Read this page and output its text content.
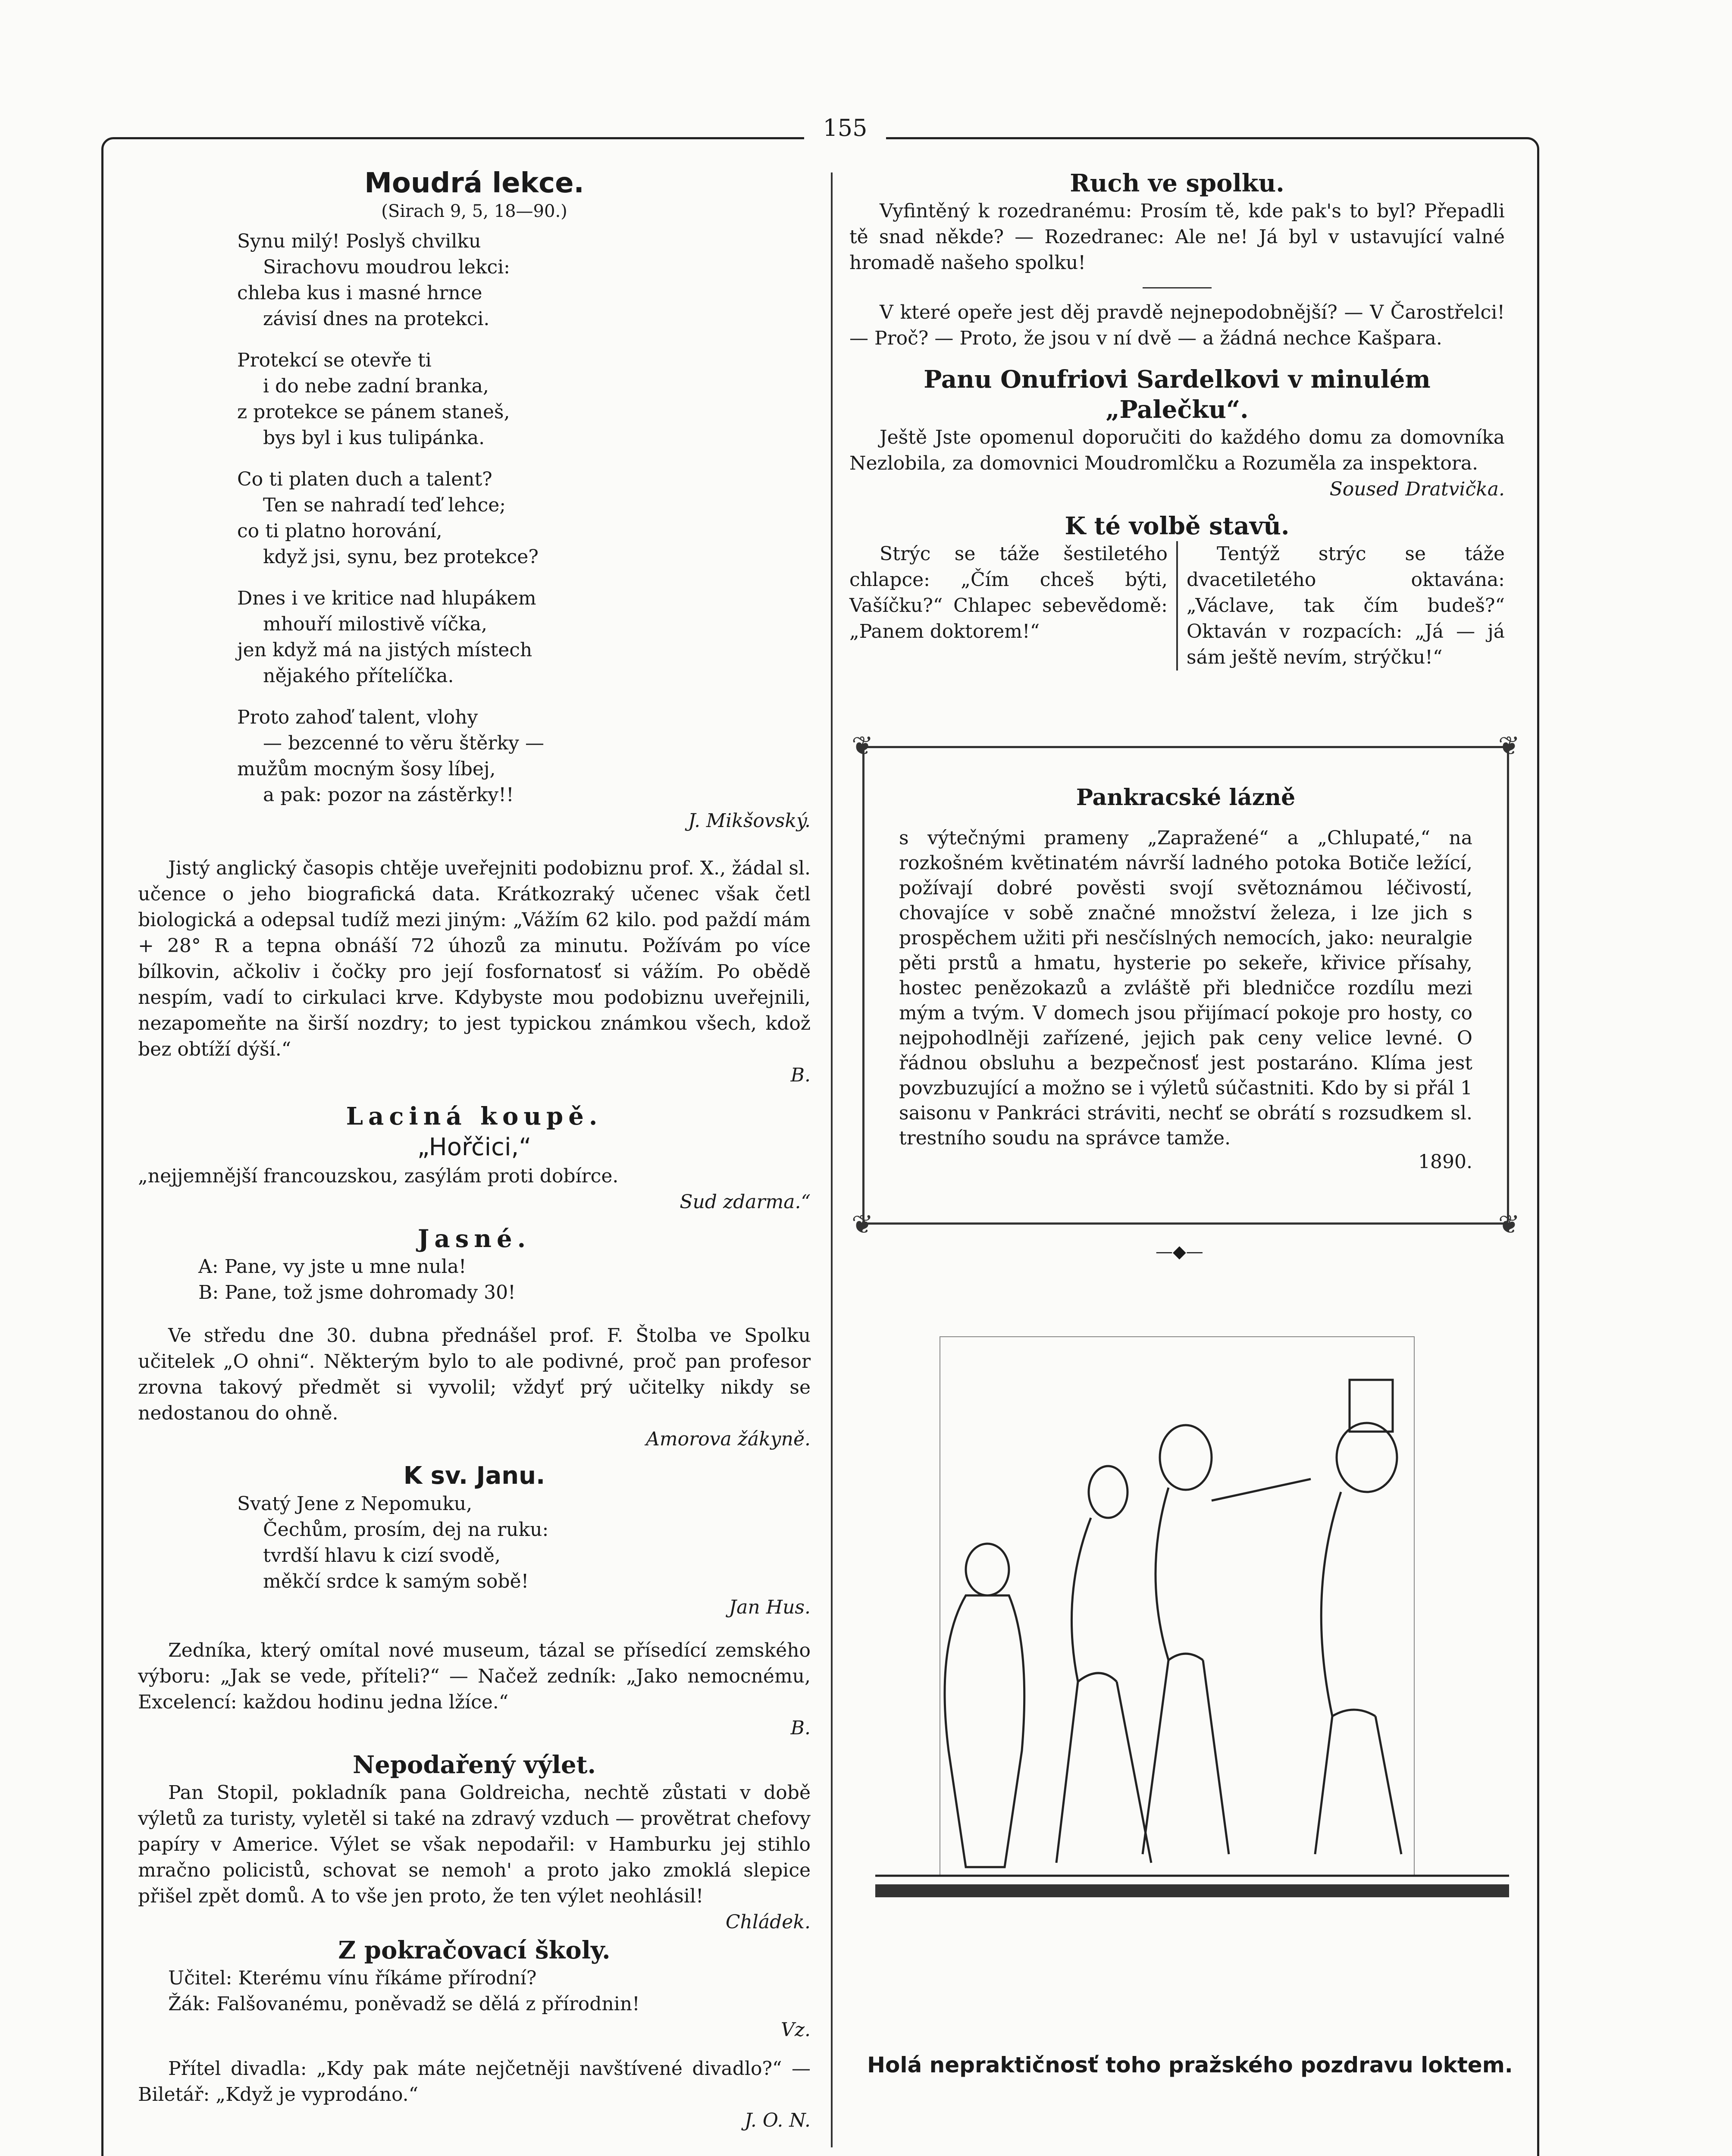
155

Moudrá lekce.

(Sirach 9, 5, 18—90.)

Synu milý! Poslyš chvilku

Sirachovu moudrou lekci:

chleba kus i masné hrnce

závisí dnes na protekci.

Protekcí se otevře ti

i do nebe zadní branka,

z protekce se pánem staneš,

bys byl i kus tulipánka.

Co ti platen duch a talent?

Ten se nahradí teď lehce;

co ti platno horování,

když jsi, synu, bez protekce?

Dnes i ve kritice nad hlupákem

mhouří milostivě víčka,

jen když má na jistých místech

nějakého přítelíčka.

Proto zahoď talent, vlohy

— bezcenné to věru štěrky —

mužům mocným šosy líbej,

a pak: pozor na zástěrky!!

J. Mikšovský.

Jistý anglický časopis chtěje uveřejniti podobiznu prof. X., žádal sl. učence o jeho biografická data. Krátkozraký učenec však četl biologická a odepsal tudíž mezi jiným: „Vážím 62 kilo. pod paždí mám + 28° R a tepna obnáší 72 úhozů za minutu. Požívám po více bílkovin, ačkoliv i čočky pro její fosfornatosť si vážím. Po obědě nespím, vadí to cirkulaci krve. Kdybyste mou podobiznu uveřejnili, nezapomeňte na širší nozdry; to jest typickou známkou všech, kdož bez obtíží dýší.“

B.

Laciná koupě.

„Hořčici,“

„nejjemnější francouzskou, zasýlám proti dobírce.

Sud zdarma.“

Jasné.

A: Pane, vy jste u mne nula!

B: Pane, tož jsme dohromady 30!

Ve středu dne 30. dubna přednášel prof. F. Štolba ve Spolku učitelek „O ohni“. Některým bylo to ale podivné, proč pan profesor zrovna takový předmět si vyvolil; vždyť prý učitelky nikdy se nedostanou do ohně.

Amorova žákyně.

K sv. Janu.

Svatý Jene z Nepomuku,

Čechům, prosím, dej na ruku:

tvrdší hlavu k cizí svodě,

měkčí srdce k samým sobě!

Jan Hus.

Zedníka, který omítal nové museum, tázal se přísedící zemského výboru: „Jak se vede, příteli?“ — Načež zedník: „Jako nemocnému, Excelencí: každou hodinu jedna lžíce.“

B.

Nepodařený výlet.

Pan Stopil, pokladník pana Goldreicha, nechtě zůstati v době výletů za turisty, vyletěl si také na zdravý vzduch — provětrat chefovy papíry v Americe. Výlet se však nepodařil: v Hamburku jej stihlo mračno policistů, schovat se nemoh' a proto jako zmoklá slepice přišel zpět domů. A to vše jen proto, že ten výlet neohlásil!

Chládek.

Z pokračovací školy.

Učitel: Kterému vínu říkáme přírodní?

Žák: Falšovanému, poněvadž se dělá z přírodnin!

Vz.

Přítel divadla: „Kdy pak máte nejčetněji navštívené divadlo?“ — Biletář: „Když je vyprodáno.“

J. O. N.

Ruch ve spolku.

Vyfintěný k rozedranému: Prosím tě, kde pak's to byl? Přepadli tě snad někde? — Rozedranec: Ale ne! Já byl v ustavující valné hromadě našeho spolku!

V které opeře jest děj pravdě nejnepodobnější? — V Čarostřelci! — Proč? — Proto, že jsou v ní dvě — a žádná nechce Kašpara.

Panu Onufriovi Sardelkovi v minulém „Palečku“.

Ještě Jste opomenul doporučiti do každého domu za domovníka Nezlobila, za domovnici Moudromlčku a Rozuměla za inspektora.

Soused Dratvička.

K té volbě stavů.

Strýc se táže šestiletého chlapce: „Čím chceš býti, Vašíčku?“ Chlapec sebevědomě: „Panem doktorem!“

Tentýž strýc se táže dvacetiletého oktavána: „Václave, tak čím budeš?“ Oktaván v rozpacích: „Já — já sám ještě nevím, strýčku!“

❦	❦
❦	❦

Pankracské lázně

s výtečnými prameny „Zapražené“ a „Chlupaté,“ na rozkošném květinatém návrší ladného potoka Botiče ležící, požívají dobré pověsti svojí světoznámou léčivostí, chovajíce v sobě značné množství železa, i lze jich s prospěchem užiti při nesčíslných nemocích, jako: neuralgie pěti prstů a hmatu, hysterie po sekeře, křivice přísahy, hostec penězokazů a zvláště při bledničce rozdílu mezi mým a tvým. V domech jsou přijímací pokoje pro hosty, co nejpohodlněji zařízené, jejich pak ceny velice levné. O řádnou obsluhu a bezpečnosť jest postaráno. Klíma jest povzbuzující a možno se i výletů súčastniti. Kdo by si přál 1 saisonu v Pankráci stráviti, nechť se obrátí s rozsudkem sl. trestního soudu na správce tamže.

1890.

—◆—
Holá nepraktičnosť toho pražského pozdravu loktem.
